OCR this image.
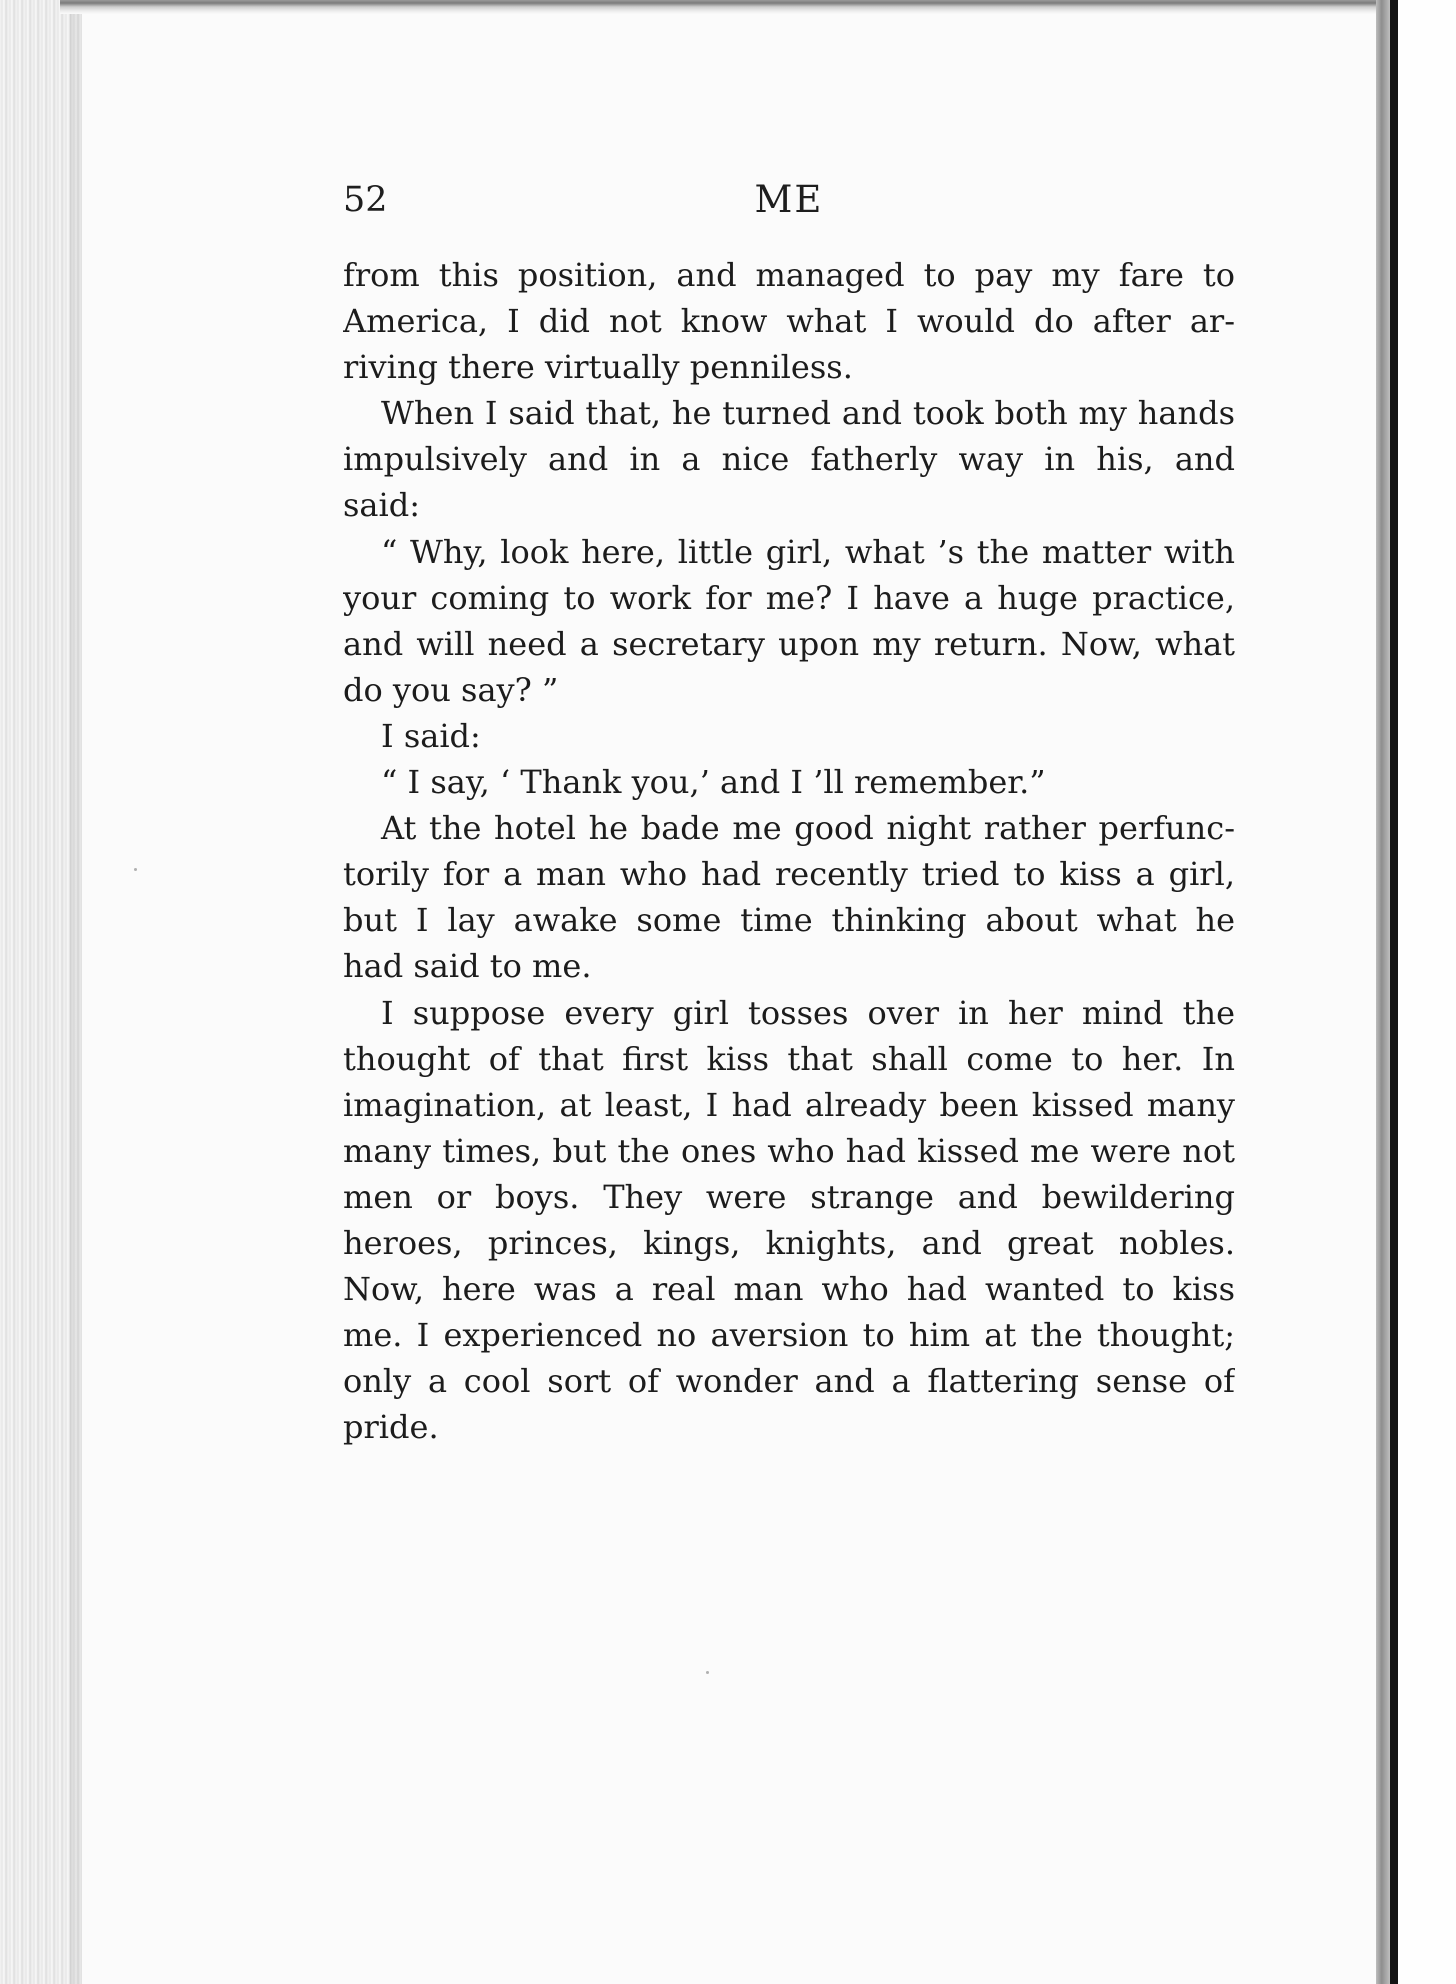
52	ME
from this position, and managed to pay my fare to
America, I did not know what I would do after ar-
riving there virtually penniless.
When I said that, he turned and took both my hands
impulsively and in a nice fatherly way in his, and
said:
“ Why, look here, little girl, what ’s the matter with
your coming to work for me? I have a huge practice,
and will need a secretary upon my return. Now, what
do you say? ”
I said:
“ I say, ‘ Thank you,’ and I ’ll remember.”
At the hotel he bade me good night rather perfunc-
torily for a man who had recently tried to kiss a girl,
but I lay awake some time thinking about what he
had said to me.
I suppose every girl tosses over in her mind the
thought of that first kiss that shall come to her. In
imagination, at least, I had already been kissed many
many times, but the ones who had kissed me were not
men or boys. They were strange and bewildering
heroes, princes, kings, knights, and great nobles.
Now, here was a real man who had wanted to kiss
me. I experienced no aversion to him at the thought;
only a cool sort of wonder and a flattering sense of
pride.
